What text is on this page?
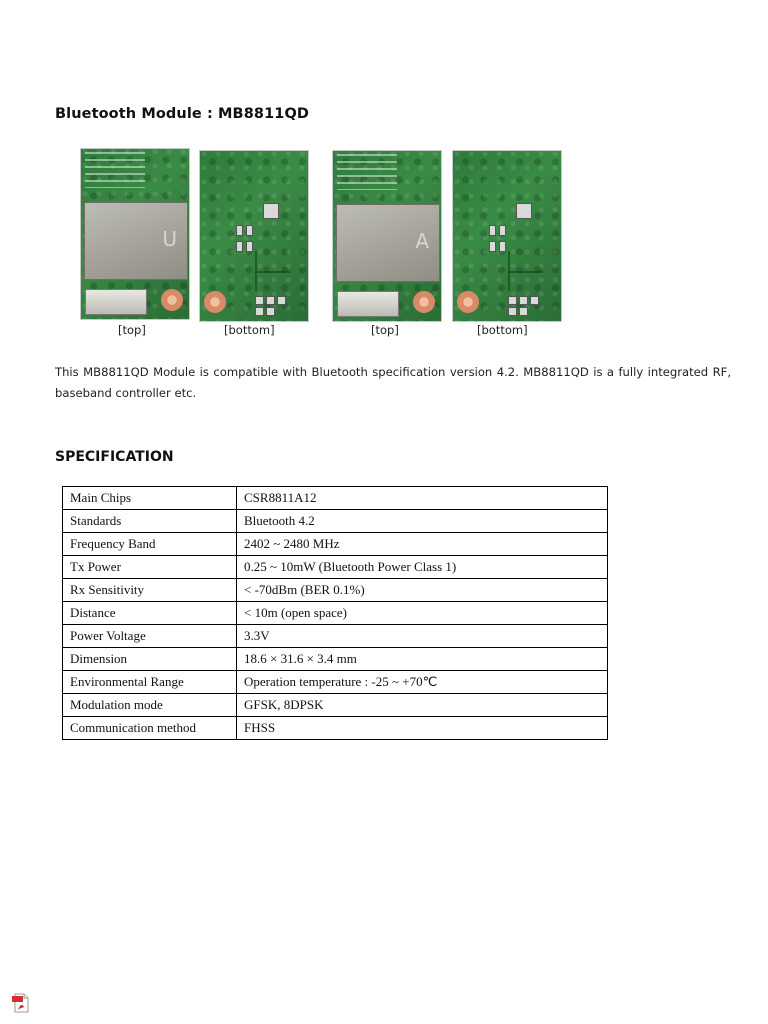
Bluetooth Module : MB8811QD
U	A
[top]	[bottom]	[top]	[bottom]

This MB8811QD Module is compatible with Bluetooth specification version 4.2. MB8811QD is a fully integrated RF, baseband controller etc.

SPECIFICATION
Main Chips	CSR8811A12
Standards	Bluetooth 4.2
Frequency Band	2402 ~ 2480 MHz
Tx Power	0.25 ~ 10mW (Bluetooth Power Class 1)
Rx Sensitivity	< -70dBm (BER 0.1%)
Distance	< 10m (open space)
Power Voltage	3.3V
Dimension	18.6 × 31.6 × 3.4 mm
Environmental Range	Operation temperature : -25 ~ +70℃
Modulation mode	GFSK, 8DPSK
Communication method	FHSS
